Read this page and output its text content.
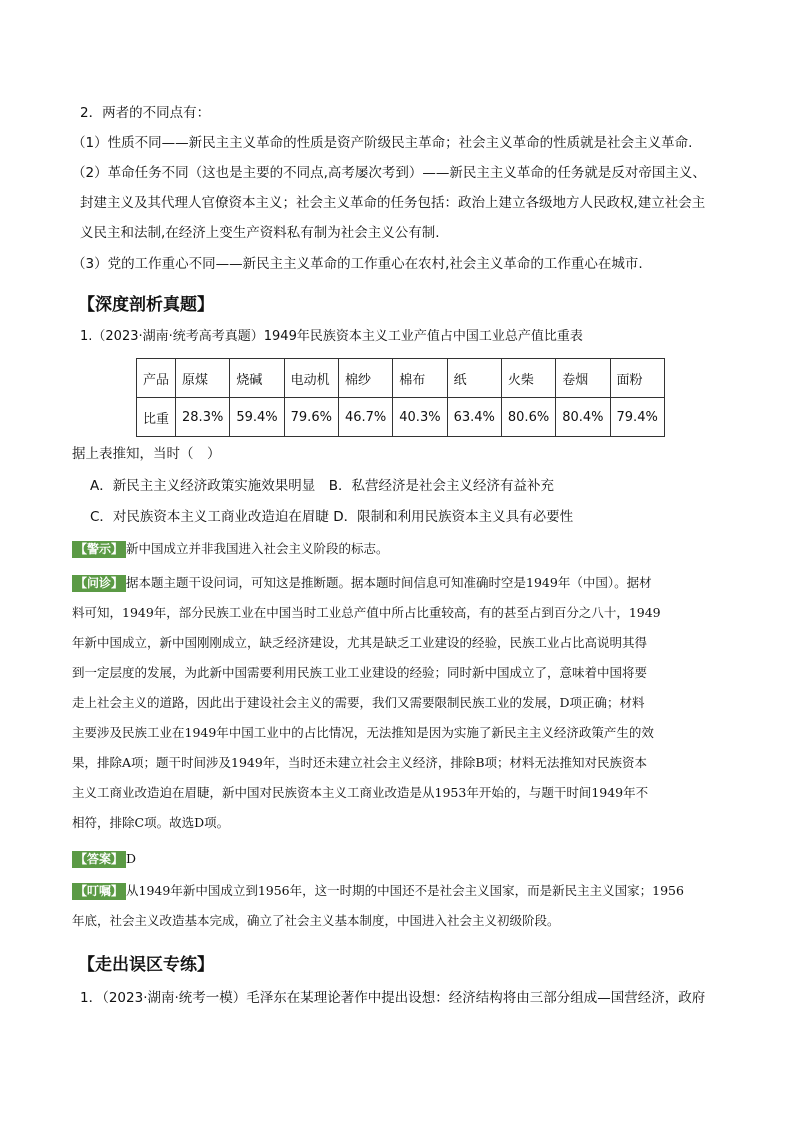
2．两者的不同点有：
（1）性质不同——新民主主义革命的性质是资产阶级民主革命；社会主义革命的性质就是社会主义革命.
（2）革命任务不同（这也是主要的不同点,高考屡次考到）——新民主主义革命的任务就是反对帝国主义、
封建主义及其代理人官僚资本主义；社会主义革命的任务包括：政治上建立各级地方人民政权,建立社会主
义民主和法制,在经济上变生产资料私有制为社会主义公有制.
（3）党的工作重心不同——新民主主义革命的工作重心在农村,社会主义革命的工作重心在城市.
【深度剖析真题】
1.（2023·湖南·统考高考真题）1949年民族资本主义工业产值占中国工业总产值比重表
产品	原煤	烧碱	电动机	棉纱	棉布	纸	火柴	卷烟	面粉
比重	28.3%	59.4%	79.6%	46.7%	40.3%	63.4%	80.6%	80.4%	79.4%
据上表推知，当时（　）
A．新民主主义经济政策实施效果明显　B．私营经济是社会主义经济有益补充
C．对民族资本主义工商业改造迫在眉睫 D．限制和利用民族资本主义具有必要性
【警示】 新中国成立并非我国进入社会主义阶段的标志。
【问诊】 据本题主题干设问词，可知这是推断题。据本题时间信息可知准确时空是1949年（中国）。据材
料可知，1949年，部分民族工业在中国当时工业总产值中所占比重较高，有的甚至占到百分之八十，1949
年新中国成立，新中国刚刚成立，缺乏经济建设，尤其是缺乏工业建设的经验，民族工业占比高说明其得
到一定层度的发展，为此新中国需要利用民族工业工业建设的经验；同时新中国成立了，意味着中国将要
走上社会主义的道路，因此出于建设社会主义的需要，我们又需要限制民族工业的发展，D项正确；材料
主要涉及民族工业在1949年中国工业中的占比情况，无法推知是因为实施了新民主主义经济政策产生的效
果，排除A项；题干时间涉及1949年，当时还未建立社会主义经济，排除B项；材料无法推知对民族资本
主义工商业改造迫在眉睫，新中国对民族资本主义工商业改造是从1953年开始的，与题干时间1949年不
相符，排除C项。故选D项。
【答案】 D
【叮嘱】 从1949年新中国成立到1956年，这一时期的中国还不是社会主义国家，而是新民主主义国家；1956
年底，社会主义改造基本完成，确立了社会主义基本制度，中国进入社会主义初级阶段。
【走出误区专练】
1．（2023·湖南·统考一模）毛泽东在某理论著作中提出设想：经济结构将由三部分组成—国营经济，政府
